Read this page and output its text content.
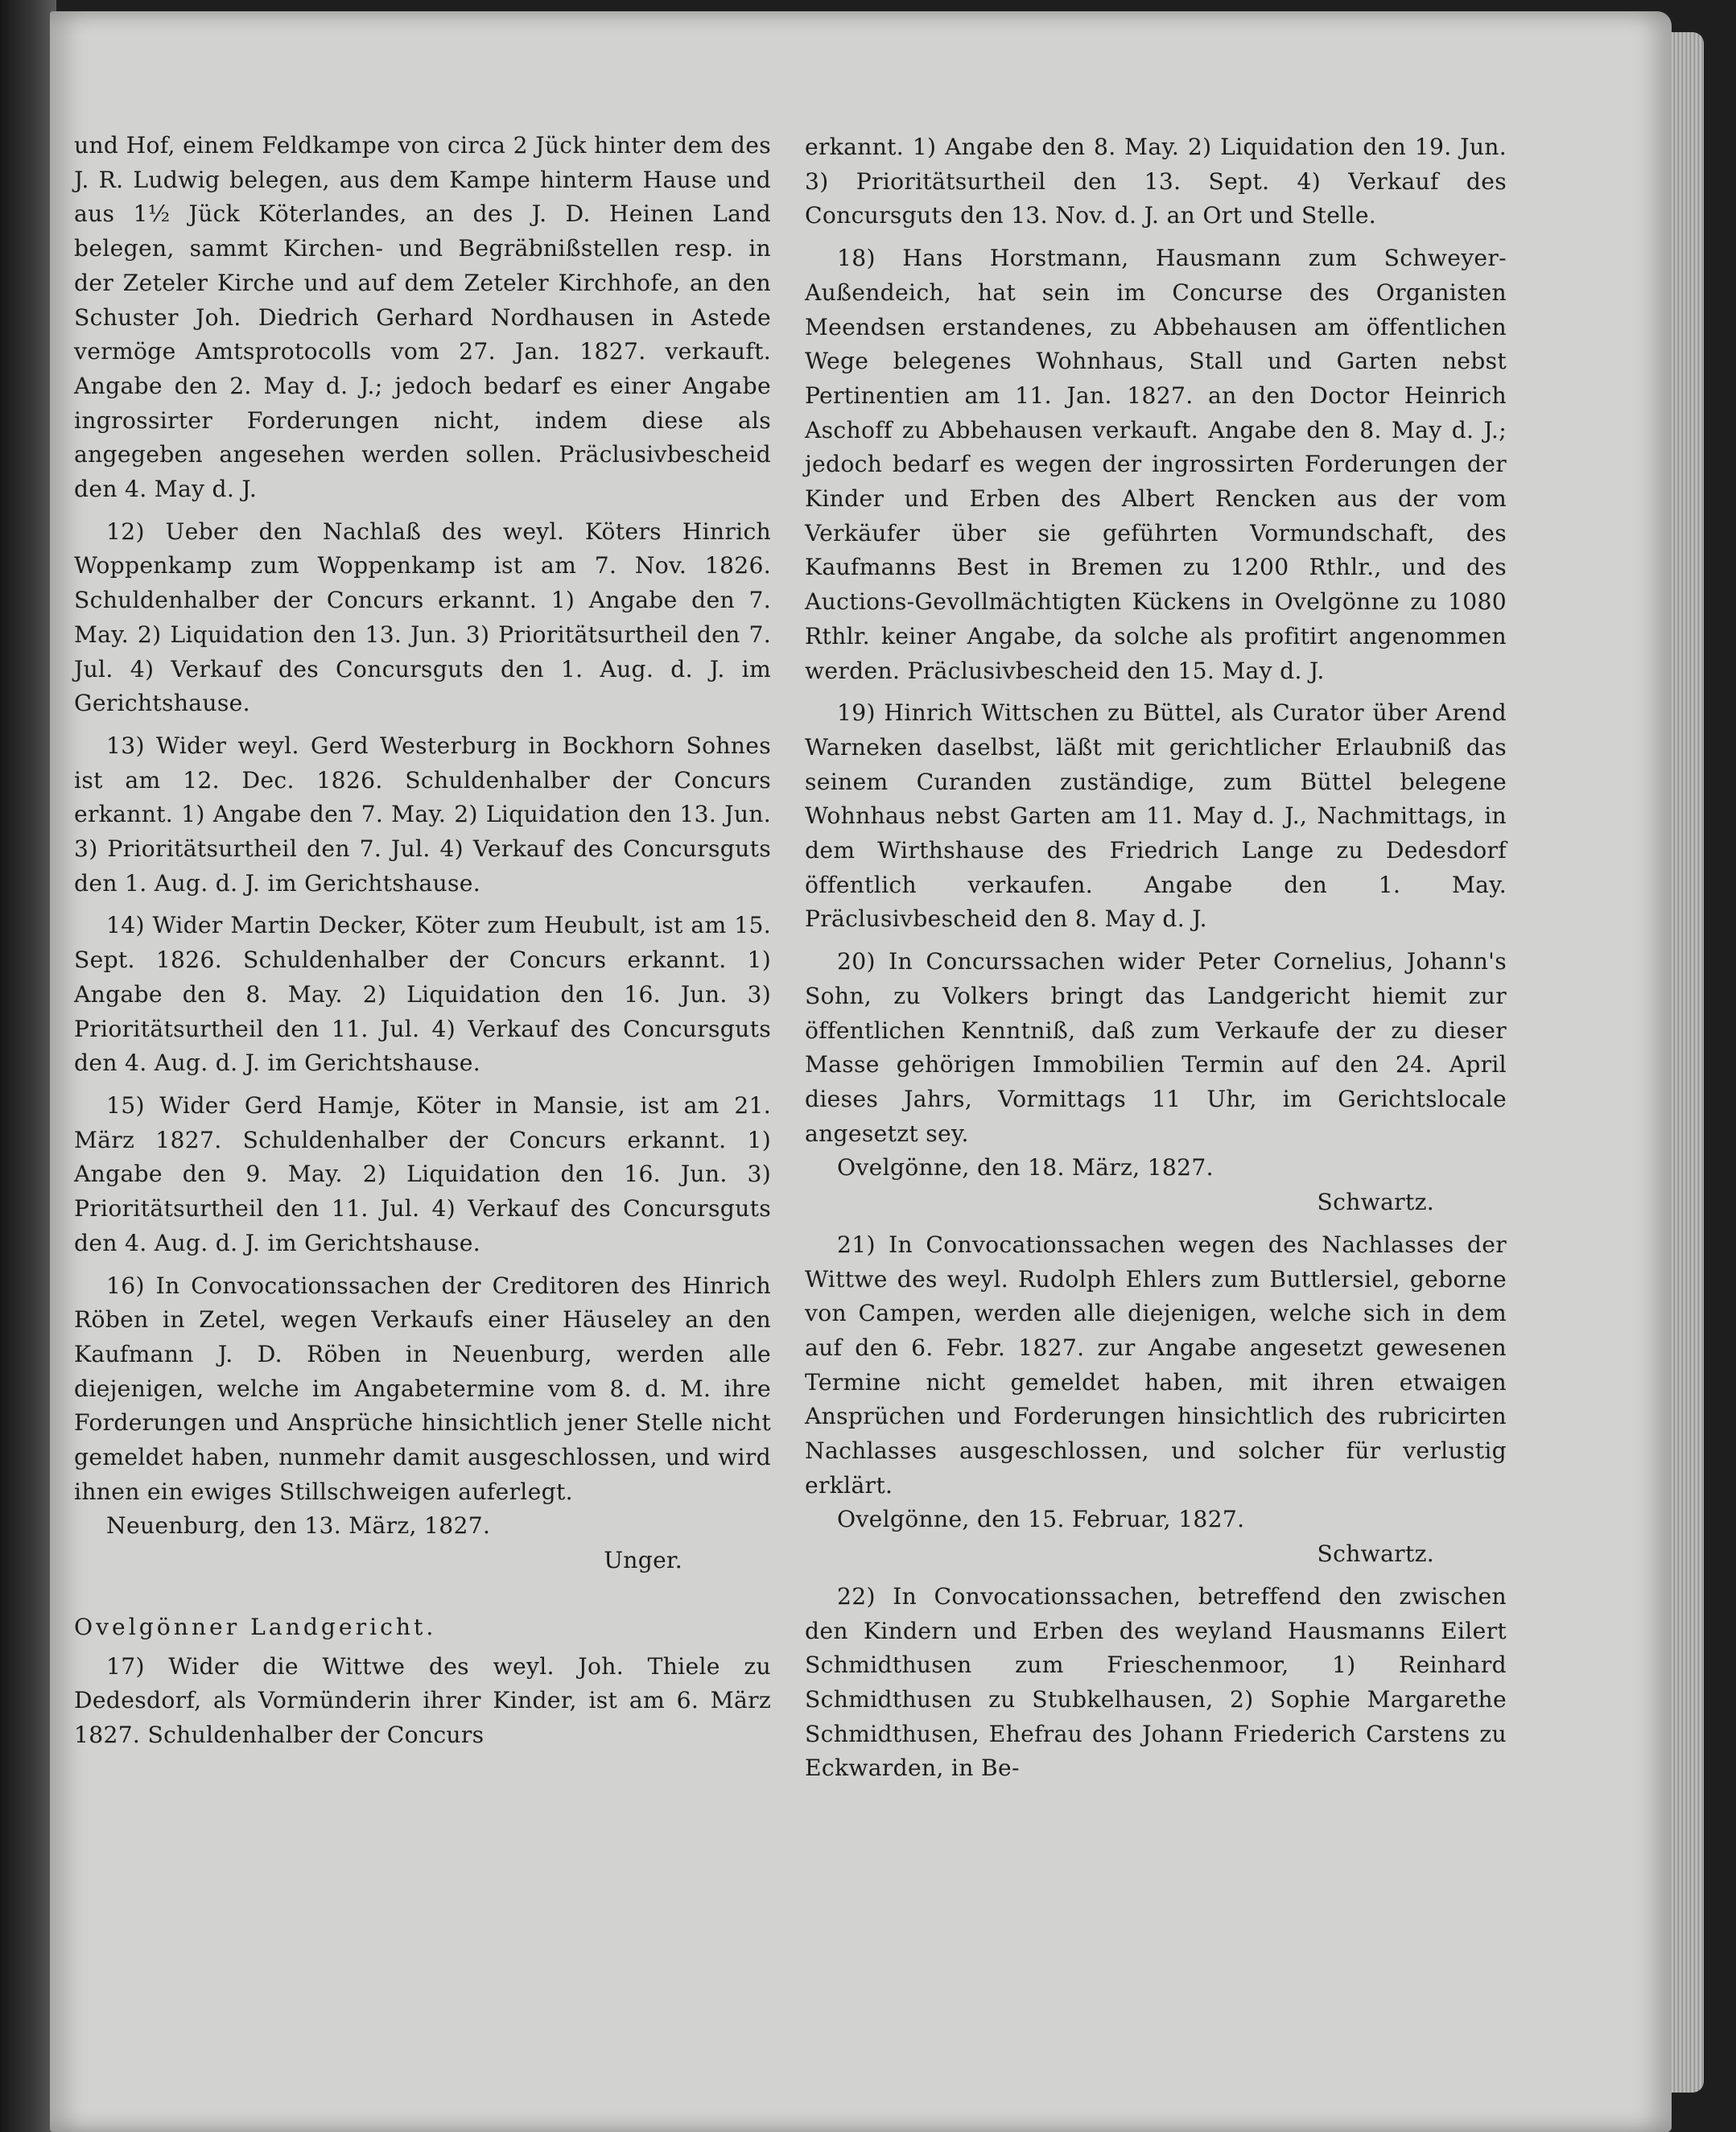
und Hof, einem Feldkampe von circa 2 Jück hinter dem des J. R. Ludwig belegen, aus dem Kampe hinterm Hause und aus 1½ Jück Köterlandes, an des J. D. Heinen Land belegen, sammt Kirchen- und Begräbnißstellen resp. in der Zeteler Kirche und auf dem Zeteler Kirchhofe, an den Schuster Joh. Diedrich Gerhard Nordhausen in Astede vermöge Amtsprotocolls vom 27. Jan. 1827. verkauft. Angabe den 2. May d. J.; jedoch bedarf es einer Angabe ingrossirter Forderungen nicht, indem diese als angegeben angesehen werden sollen. Präclusivbescheid den 4. May d. J.

12) Ueber den Nachlaß des weyl. Köters Hinrich Woppenkamp zum Woppenkamp ist am 7. Nov. 1826. Schuldenhalber der Concurs erkannt. 1) Angabe den 7. May. 2) Liquidation den 13. Jun. 3) Prioritätsurtheil den 7. Jul. 4) Verkauf des Concursguts den 1. Aug. d. J. im Gerichtshause.

13) Wider weyl. Gerd Westerburg in Bockhorn Sohnes ist am 12. Dec. 1826. Schuldenhalber der Concurs erkannt. 1) Angabe den 7. May. 2) Liquidation den 13. Jun. 3) Prioritätsurtheil den 7. Jul. 4) Verkauf des Concursguts den 1. Aug. d. J. im Gerichtshause.

14) Wider Martin Decker, Köter zum Heubult, ist am 15. Sept. 1826. Schuldenhalber der Concurs erkannt. 1) Angabe den 8. May. 2) Liquidation den 16. Jun. 3) Prioritätsurtheil den 11. Jul. 4) Verkauf des Concursguts den 4. Aug. d. J. im Gerichtshause.

15) Wider Gerd Hamje, Köter in Mansie, ist am 21. März 1827. Schuldenhalber der Concurs erkannt. 1) Angabe den 9. May. 2) Liquidation den 16. Jun. 3) Prioritätsurtheil den 11. Jul. 4) Verkauf des Concursguts den 4. Aug. d. J. im Gerichtshause.

16) In Convocationssachen der Creditoren des Hinrich Röben in Zetel, wegen Verkaufs einer Häuseley an den Kaufmann J. D. Röben in Neuenburg, werden alle diejenigen, welche im Angabetermine vom 8. d. M. ihre Forderungen und Ansprüche hinsichtlich jener Stelle nicht gemeldet haben, nunmehr damit ausgeschlossen, und wird ihnen ein ewiges Stillschweigen auferlegt.

Neuenburg, den 13. März, 1827.

Unger.

Ovelgönner Landgericht.

17) Wider die Wittwe des weyl. Joh. Thiele zu Dedesdorf, als Vormünderin ihrer Kinder, ist am 6. März 1827. Schuldenhalber der Concurs

erkannt. 1) Angabe den 8. May. 2) Liquidation den 19. Jun. 3) Prioritätsurtheil den 13. Sept. 4) Verkauf des Concursguts den 13. Nov. d. J. an Ort und Stelle.

18) Hans Horstmann, Hausmann zum Schweyer-Außendeich, hat sein im Concurse des Organisten Meendsen erstandenes, zu Abbehausen am öffentlichen Wege belegenes Wohnhaus, Stall und Garten nebst Pertinentien am 11. Jan. 1827. an den Doctor Heinrich Aschoff zu Abbehausen verkauft. Angabe den 8. May d. J.; jedoch bedarf es wegen der ingrossirten Forderungen der Kinder und Erben des Albert Rencken aus der vom Verkäufer über sie geführten Vormundschaft, des Kaufmanns Best in Bremen zu 1200 Rthlr., und des Auctions-Gevollmächtigten Kückens in Ovelgönne zu 1080 Rthlr. keiner Angabe, da solche als profitirt angenommen werden. Präclusivbescheid den 15. May d. J.

19) Hinrich Wittschen zu Büttel, als Curator über Arend Warneken daselbst, läßt mit gerichtlicher Erlaubniß das seinem Curanden zuständige, zum Büttel belegene Wohnhaus nebst Garten am 11. May d. J., Nachmittags, in dem Wirthshause des Friedrich Lange zu Dedesdorf öffentlich verkaufen. Angabe den 1. May. Präclusivbescheid den 8. May d. J.

20) In Concurssachen wider Peter Cornelius, Johann's Sohn, zu Volkers bringt das Landgericht hiemit zur öffentlichen Kenntniß, daß zum Verkaufe der zu dieser Masse gehörigen Immobilien Termin auf den 24. April dieses Jahrs, Vormittags 11 Uhr, im Gerichtslocale angesetzt sey.

Ovelgönne, den 18. März, 1827.

Schwartz.

21) In Convocationssachen wegen des Nachlasses der Wittwe des weyl. Rudolph Ehlers zum Buttlersiel, geborne von Campen, werden alle diejenigen, welche sich in dem auf den 6. Febr. 1827. zur Angabe angesetzt gewesenen Termine nicht gemeldet haben, mit ihren etwaigen Ansprüchen und Forderungen hinsichtlich des rubricirten Nachlasses ausgeschlossen, und solcher für verlustig erklärt.

Ovelgönne, den 15. Februar, 1827.

Schwartz.

22) In Convocationssachen, betreffend den zwischen den Kindern und Erben des weyland Hausmanns Eilert Schmidthusen zum Frieschenmoor, 1) Reinhard Schmidthusen zu Stubkelhausen, 2) Sophie Margarethe Schmidthusen, Ehefrau des Johann Friederich Carstens zu Eckwarden, in Be-
